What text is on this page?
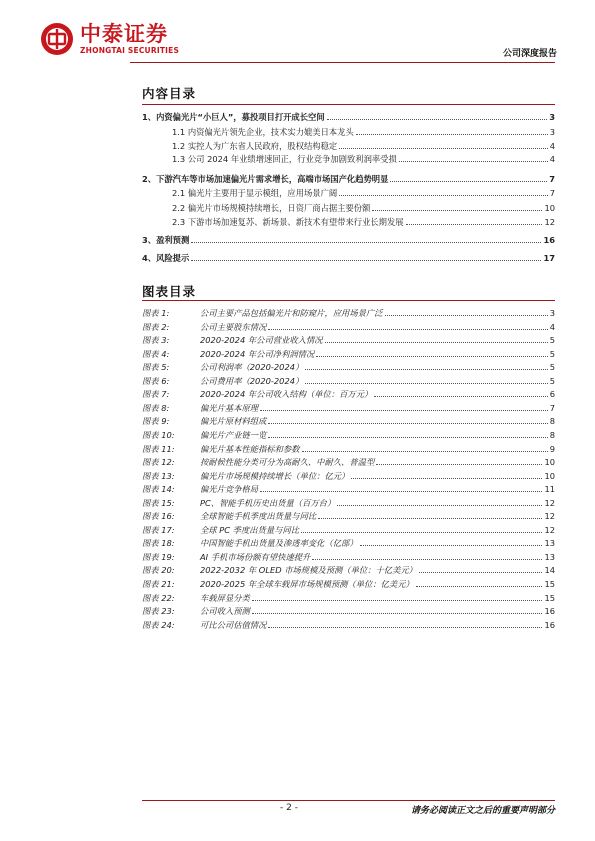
中泰证券
ZHONGTAI SECURITIES	公司深度报告
内容目录
1、内资偏光片“小巨人”，募投项目打开成长空间	3
1.1 内资偏光片领先企业，技术实力媲美日本龙头	3
1.2 实控人为广东省人民政府，股权结构稳定	4
1.3 公司 2024 年业绩增速回正，行业竞争加剧致利润率受损	4
2、下游汽车等市场加速偏光片需求增长，高端市场国产化趋势明显	7
2.1 偏光片主要用于显示模组，应用场景广阔	7
2.2 偏光片市场规模持续增长，日资厂商占据主要份额	10
2.3 下游市场加速复苏、新场景、新技术有望带来行业长期发展	12
3、盈利预测	16
4、风险提示	17
图表目录
图表 1:	公司主要产品包括偏光片和防窥片，应用场景广泛	3
图表 2:	公司主要股东情况	4
图表 3:	2020-2024 年公司营业收入情况	5
图表 4:	2020-2024 年公司净利润情况	5
图表 5:	公司利润率（2020-2024）	5
图表 6:	公司费用率（2020-2024）	5
图表 7:	2020-2024 年公司收入结构（单位：百万元）	6
图表 8:	偏光片基本原理	7
图表 9:	偏光片原材料组成	8
图表 10:	偏光片产业链一览	8
图表 11:	偏光片基本性能指标和参数	9
图表 12:	按耐候性能分类可分为高耐久、中耐久、普温型	10
图表 13:	偏光片市场规模持续增长（单位：亿元）	10
图表 14:	偏光片竞争格局	11
图表 15:	PC、智能手机历史出货量（百万台）	12
图表 16:	全球智能手机季度出货量与同比	12
图表 17:	全球 PC 季度出货量与同比	12
图表 18:	中国智能手机出货量及渗透率变化（亿部）	13
图表 19:	AI 手机市场份额有望快速提升	13
图表 20:	2022-2032 年 OLED 市场规模及预测（单位：十亿美元）	14
图表 21:	2020-2025 年全球车载屏市场规模预测（单位：亿美元）	15
图表 22:	车载屏显分类	15
图表 23:	公司收入预测	16
图表 24:	可比公司估值情况	16
- 2 -	请务必阅读正文之后的重要声明部分
